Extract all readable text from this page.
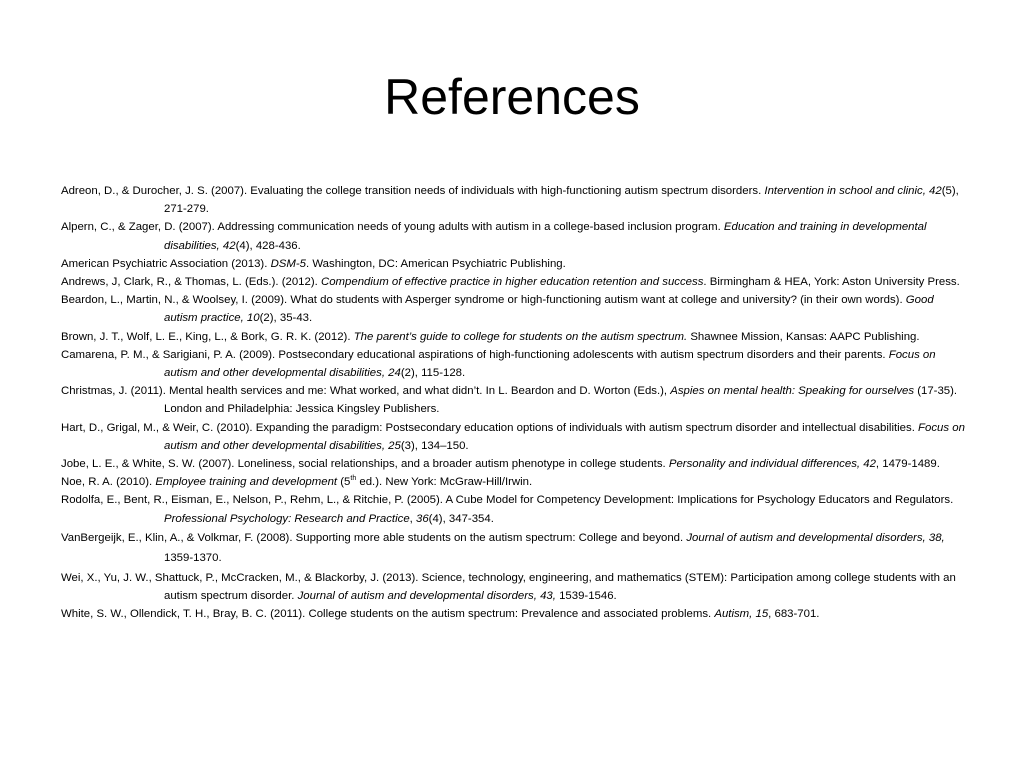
References
Adreon, D., & Durocher, J. S. (2007). Evaluating the college transition needs of individuals with high-functioning autism spectrum disorders. Intervention in school and clinic, 42(5), 271-279.
Alpern, C., & Zager, D. (2007). Addressing communication needs of young adults with autism in a college-based inclusion program. Education and training in developmental disabilities, 42(4), 428-436.
American Psychiatric Association (2013). DSM-5. Washington, DC: American Psychiatric Publishing.
Andrews, J, Clark, R., & Thomas, L. (Eds.). (2012). Compendium of effective practice in higher education retention and success. Birmingham & HEA, York: Aston University Press.
Beardon, L., Martin, N., & Woolsey, I. (2009). What do students with Asperger syndrome or high-functioning autism want at college and university? (in their own words). Good autism practice, 10(2), 35-43.
Brown, J. T., Wolf, L. E., King, L., & Bork, G. R. K. (2012). The parent’s guide to college for students on the autism spectrum. Shawnee Mission, Kansas: AAPC Publishing.
Camarena, P. M., & Sarigiani, P. A. (2009). Postsecondary educational aspirations of high-functioning adolescents with autism spectrum disorders and their parents. Focus on autism and other developmental disabilities, 24(2), 115-128.
Christmas, J. (2011). Mental health services and me: What worked, and what didn’t. In L. Beardon and D. Worton (Eds.), Aspies on mental health: Speaking for ourselves (17-35). London and Philadelphia: Jessica Kingsley Publishers.
Hart, D., Grigal, M., & Weir, C. (2010). Expanding the paradigm: Postsecondary education options of individuals with autism spectrum disorder and intellectual disabilities. Focus on autism and other developmental disabilities, 25(3), 134–150.
Jobe, L. E., & White, S. W. (2007). Loneliness, social relationships, and a broader autism phenotype in college students. Personality and individual differences, 42, 1479-1489.
Noe, R. A. (2010). Employee training and development (5th ed.). New York: McGraw-Hill/Irwin.
Rodolfa, E., Bent, R., Eisman, E., Nelson, P., Rehm, L., & Ritchie, P. (2005). A Cube Model for Competency Development: Implications for Psychology Educators and Regulators. Professional Psychology: Research and Practice, 36(4), 347-354.
VanBergeijk, E., Klin, A., & Volkmar, F. (2008). Supporting more able students on the autism spectrum: College and beyond. Journal of autism and developmental disorders, 38, 1359-1370.
Wei, X., Yu, J. W., Shattuck, P., McCracken, M., & Blackorby, J. (2013). Science, technology, engineering, and mathematics (STEM): Participation among college students with an autism spectrum disorder. Journal of autism and developmental disorders, 43, 1539-1546.
White, S. W., Ollendick, T. H., Bray, B. C. (2011). College students on the autism spectrum: Prevalence and associated problems. Autism, 15, 683-701.
